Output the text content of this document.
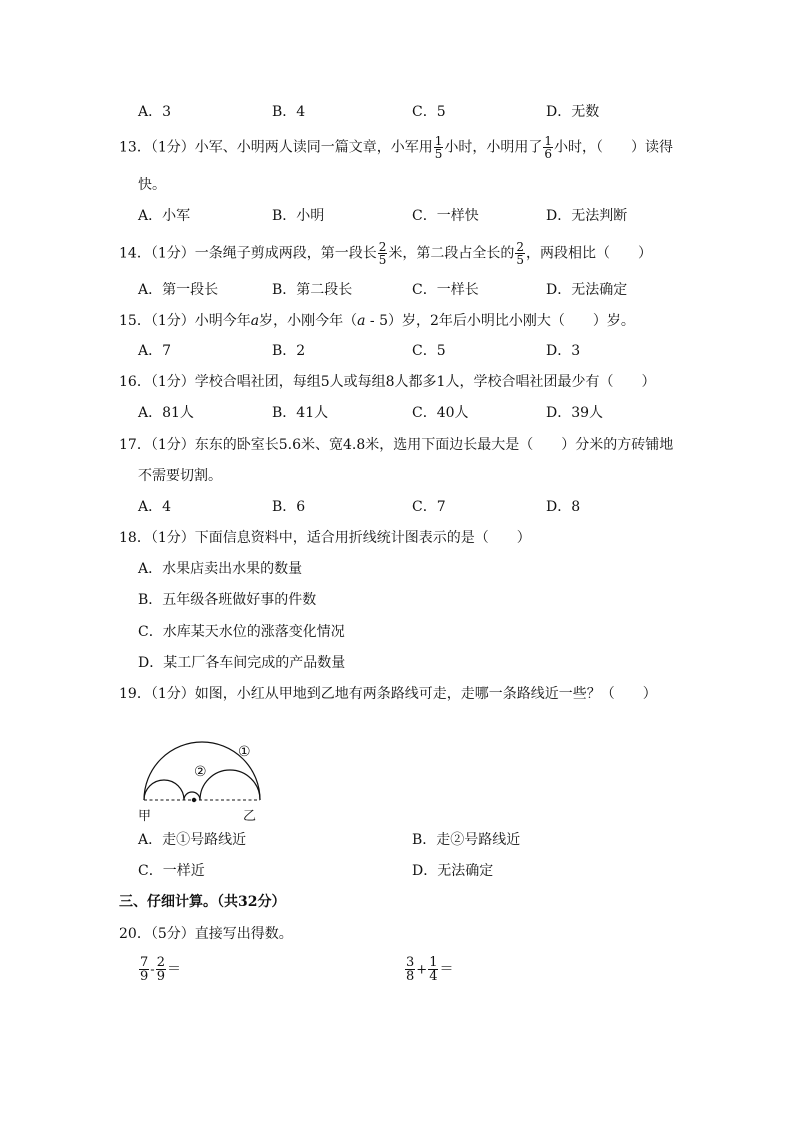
A．3	B．4	C．5	D．无数
13．（1分）小军、小明两人读同一篇文章，小军用 $\frac{1}{5}$ 小时，小明用了 $\frac{1}{6}$ 小时，（　　）读得
快。
A．小军	B．小明	C．一样快	D．无法判断
14．（1分）一条绳子剪成两段，第一段长 $\frac{2}{5}$ 米，第二段占全长的 $\frac{2}{5}$ ，两段相比（　　）
A．第一段长	B．第二段长	C．一样长	D．无法确定
15．（1分）小明今年a岁，小刚今年（a - 5）岁，2年后小明比小刚大（　　）岁。
A．7	B．2	C．5	D．3
16．（1分）学校合唱社团，每组5人或每组8人都多1人，学校合唱社团最少有（　　）
A．81人	B．41人	C．40人	D．39人
17．（1分）东东的卧室长5.6米、宽4.8米，选用下面边长最大是（　　）分米的方砖铺地
不需要切割。
A．4	B．6	C．7	D．8
18．（1分）下面信息资料中，适合用折线统计图表示的是（　　）
A．水果店卖出水果的数量
B．五年级各班做好事的件数
C．水库某天水位的涨落变化情况
D．某工厂各车间完成的产品数量
19．（1分）如图，小红从甲地到乙地有两条路线可走，走哪一条路线近一些？（　　）
①
②
甲	乙
A．走①号路线近	B．走②号路线近
C．一样近	D．无法确定
三、仔细计算。（共32分）
20．（5分）直接写出得数。
$\frac{7}{9} - \frac{2}{9}$ ＝	$\frac{3}{8} + \frac{1}{4}$ ＝
